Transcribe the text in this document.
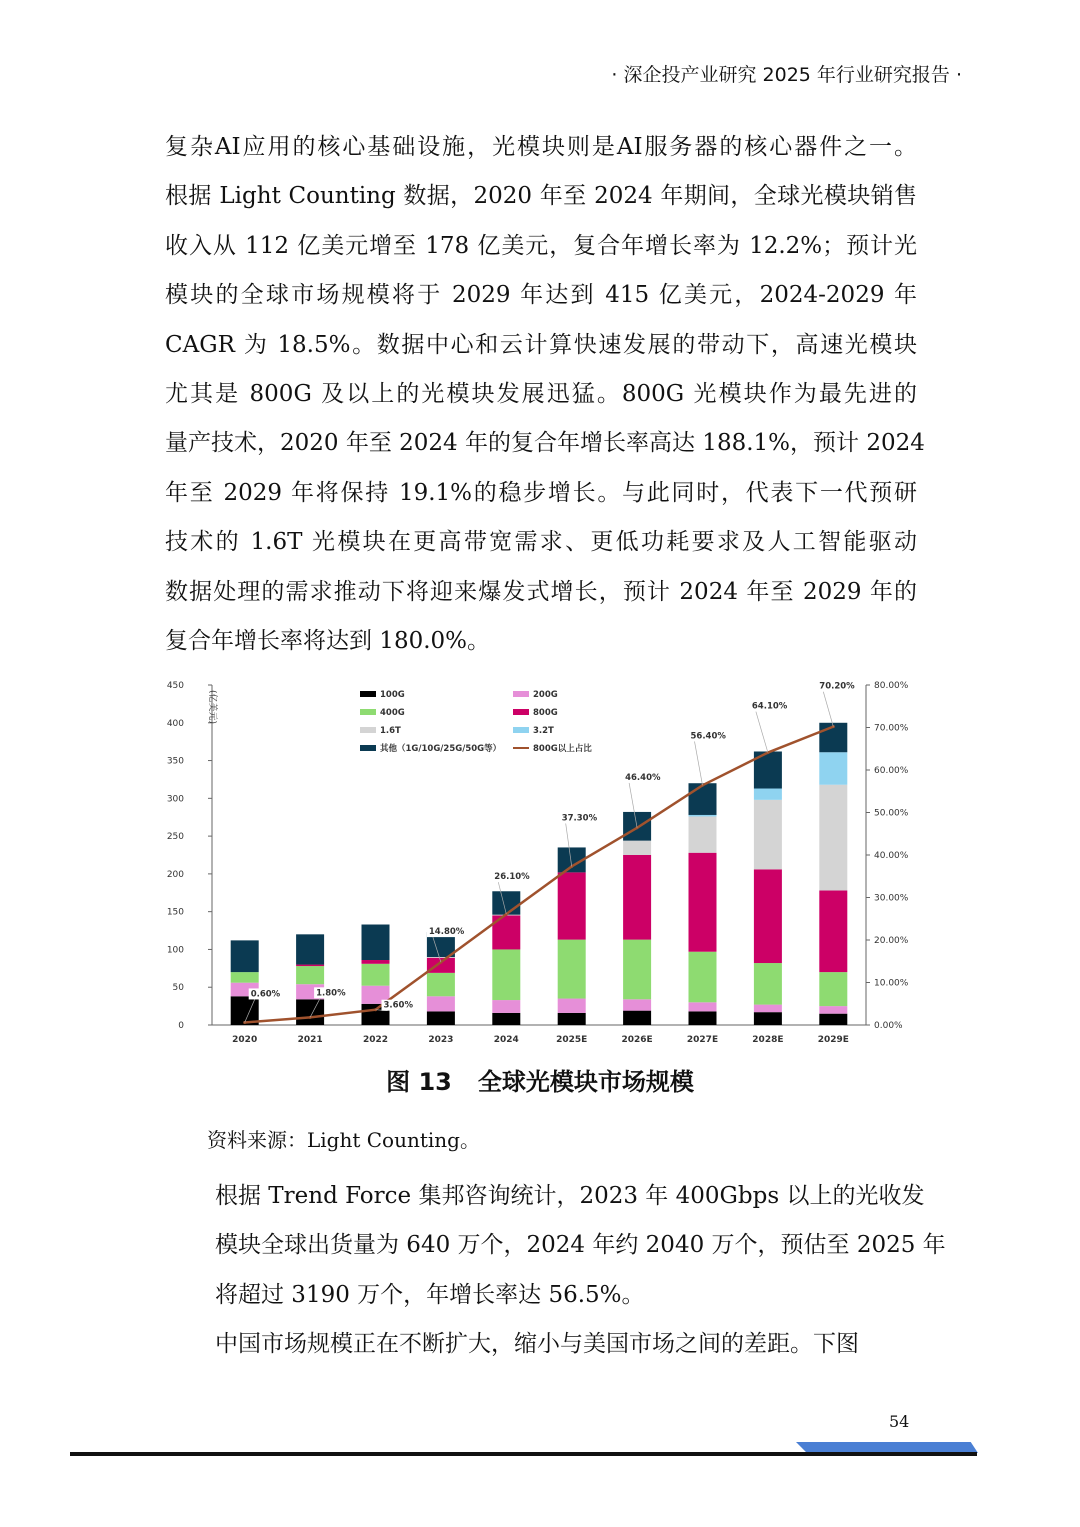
· 深企投产业研究 2025 年行业研究报告 ·
复杂AI应用的核心基础设施，光模块则是AI服务器的核心器件之一。
根据 Light Counting 数据，2020 年至 2024 年期间，全球光模块销售
收入从 112 亿美元增至 178 亿美元，复合年增长率为 12.2%；预计光
模块的全球市场规模将于 2029 年达到 415 亿美元，2024-2029 年
CAGR 为 18.5%。数据中心和云计算快速发展的带动下，高速光模块
尤其是 800G 及以上的光模块发展迅猛。800G 光模块作为最先进的
量产技术，2020 年至 2024 年的复合年增长率高达 188.1%，预计 2024
年至 2029 年将保持 19.1%的稳步增长。与此同时，代表下一代预研
技术的 1.6T 光模块在更高带宽需求、更低功耗要求及人工智能驱动
数据处理的需求推动下将迎来爆发式增长，预计 2024 年至 2029 年的
复合年增长率将达到 180.0%。
0
50
100
150
200
250
300
350
400
450
0.00%
10.00%
20.00%
30.00%
40.00%
50.00%
60.00%
70.00%
80.00%
(亿美元)
2020	2021	2022	2023	2024	2025E	2026E	2027E	2028E	2029E
0.60%	1.80%
3.60%
14.80%
26.10%
37.30%
46.40%
56.40%
64.10%
70.20%
100G	200G
400G	800G
1.6T	3.2T
其他（1G/10G/25G/50G等）	800G以上占比
图 13 全球光模块市场规模
资料来源：Light Counting。
根据 Trend Force 集邦咨询统计，2023 年 400Gbps 以上的光收发
模块全球出货量为 640 万个，2024 年约 2040 万个，预估至 2025 年
将超过 3190 万个，年增长率达 56.5%。
中国市场规模正在不断扩大，缩小与美国市场之间的差距。下图
54
